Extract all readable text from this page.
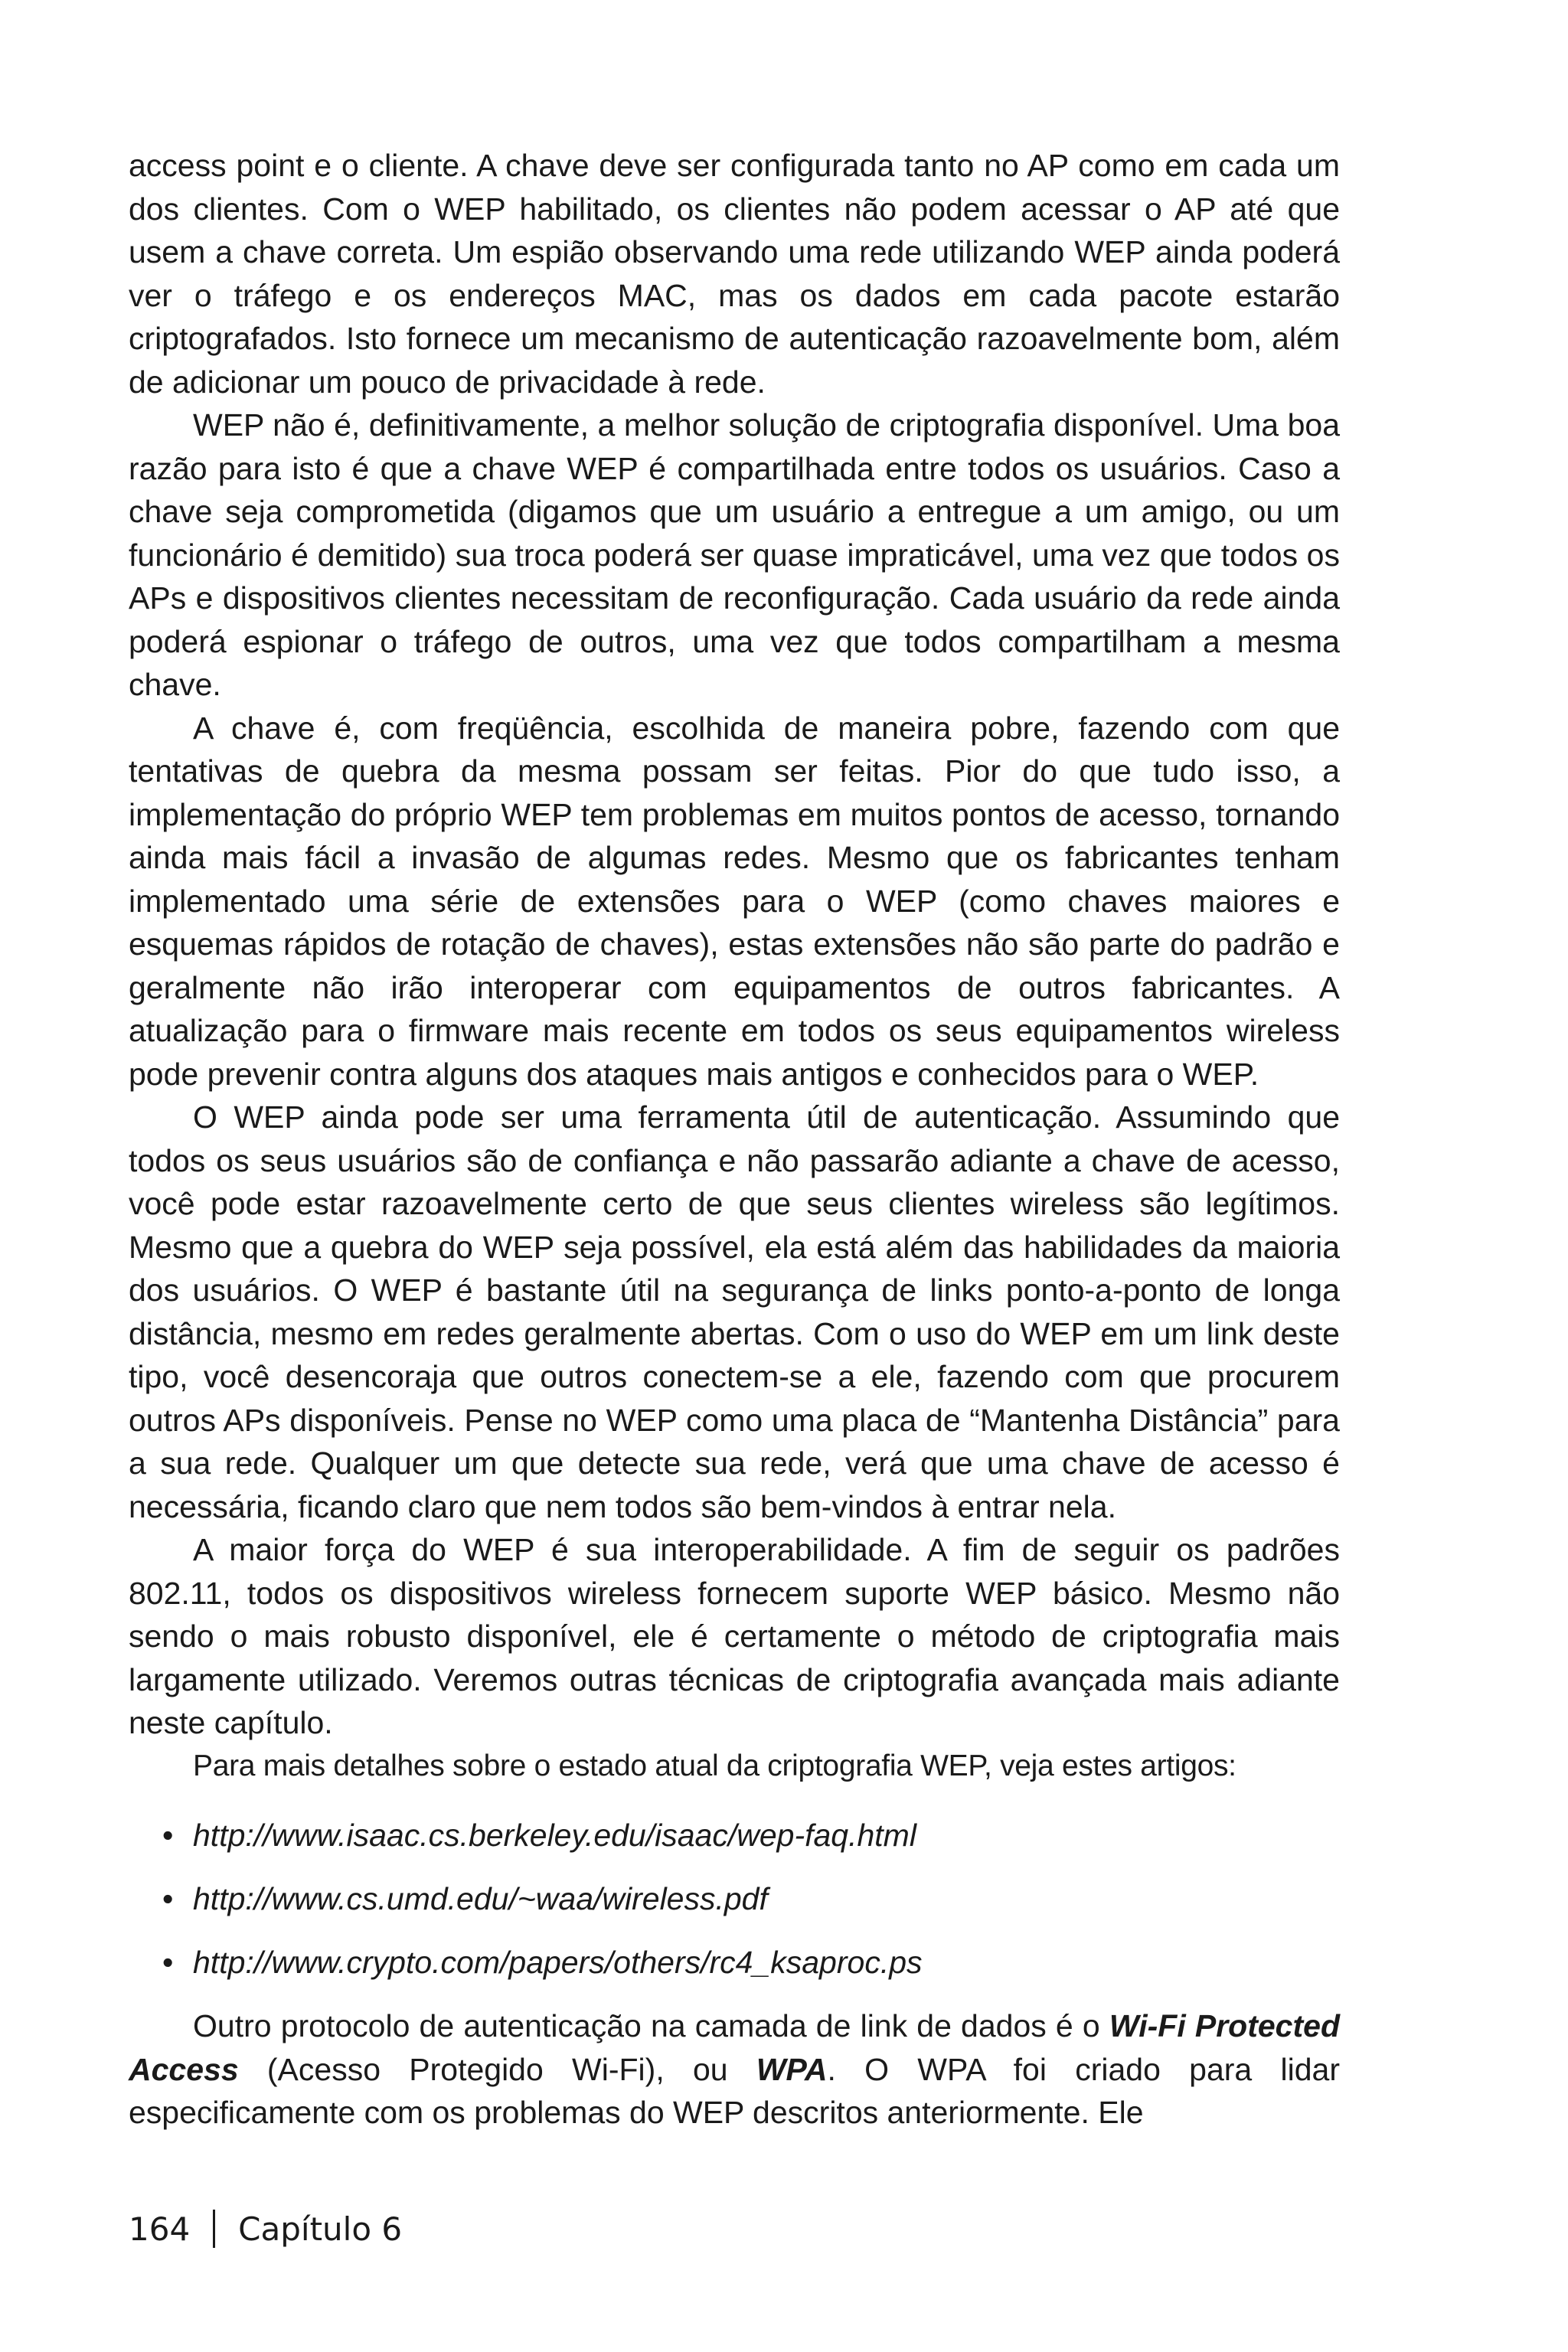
access point e o cliente. A chave deve ser configurada tanto no AP como em cada um dos clientes. Com o WEP habilitado, os clientes não podem acessar o AP até que usem a chave correta. Um espião observando uma rede utilizando WEP ainda poderá ver o tráfego e os endereços MAC, mas os dados em cada pacote estarão criptografados. Isto fornece um mecanismo de autenticação razoavelmente bom, além de adicionar um pouco de privacidade à rede.

WEP não é, definitivamente, a melhor solução de criptografia disponível. Uma boa razão para isto é que a chave WEP é compartilhada entre todos os usuários. Caso a chave seja comprometida (digamos que um usuário a entregue a um amigo, ou um funcionário é demitido) sua troca poderá ser quase impraticável, uma vez que todos os APs e dispositivos clientes necessitam de reconfiguração. Cada usuário da rede ainda poderá espionar o tráfego de outros, uma vez que todos compartilham a mesma chave.

A chave é, com freqüência, escolhida de maneira pobre, fazendo com que tentativas de quebra da mesma possam ser feitas. Pior do que tudo isso, a implementação do próprio WEP tem problemas em muitos pontos de acesso, tornando ainda mais fácil a invasão de algumas redes. Mesmo que os fabricantes tenham implementado uma série de extensões para o WEP (como chaves maiores e esquemas rápidos de rotação de chaves), estas extensões não são parte do padrão e geralmente não irão interoperar com equipamentos de outros fabricantes. A atualização para o firmware mais recente em todos os seus equipamentos wireless pode prevenir contra alguns dos ataques mais antigos e conhecidos para o WEP.

O WEP ainda pode ser uma ferramenta útil de autenticação. Assumindo que todos os seus usuários são de confiança e não passarão adiante a chave de acesso, você pode estar razoavelmente certo de que seus clientes wireless são legítimos. Mesmo que a quebra do WEP seja possível, ela está além das habilidades da maioria dos usuários. O WEP é bastante útil na segurança de links ponto-a-ponto de longa distância, mesmo em redes geralmente abertas. Com o uso do WEP em um link deste tipo, você desencoraja que outros conectem-se a ele, fazendo com que procurem outros APs disponíveis. Pense no WEP como uma placa de “Mantenha Distância” para a sua rede. Qualquer um que detecte sua rede, verá que uma chave de acesso é necessária, ficando claro que nem todos são bem-vindos à entrar nela.

A maior força do WEP é sua interoperabilidade. A fim de seguir os padrões 802.11, todos os dispositivos wireless fornecem suporte WEP básico. Mesmo não sendo o mais robusto disponível, ele é certamente o método de criptografia mais largamente utilizado. Veremos outras técnicas de criptografia avançada mais adiante neste capítulo.

Para mais detalhes sobre o estado atual da criptografia WEP, veja estes artigos:

• http://www.isaac.cs.berkeley.edu/isaac/wep-faq.html
• http://www.cs.umd.edu/~waa/wireless.pdf
• http://www.crypto.com/papers/others/rc4_ksaproc.ps

Outro protocolo de autenticação na camada de link de dados é o Wi-Fi Protected Access (Acesso Protegido Wi-Fi), ou WPA. O WPA foi criado para lidar especificamente com os problemas do WEP descritos anteriormente. Ele

164 Capítulo 6
